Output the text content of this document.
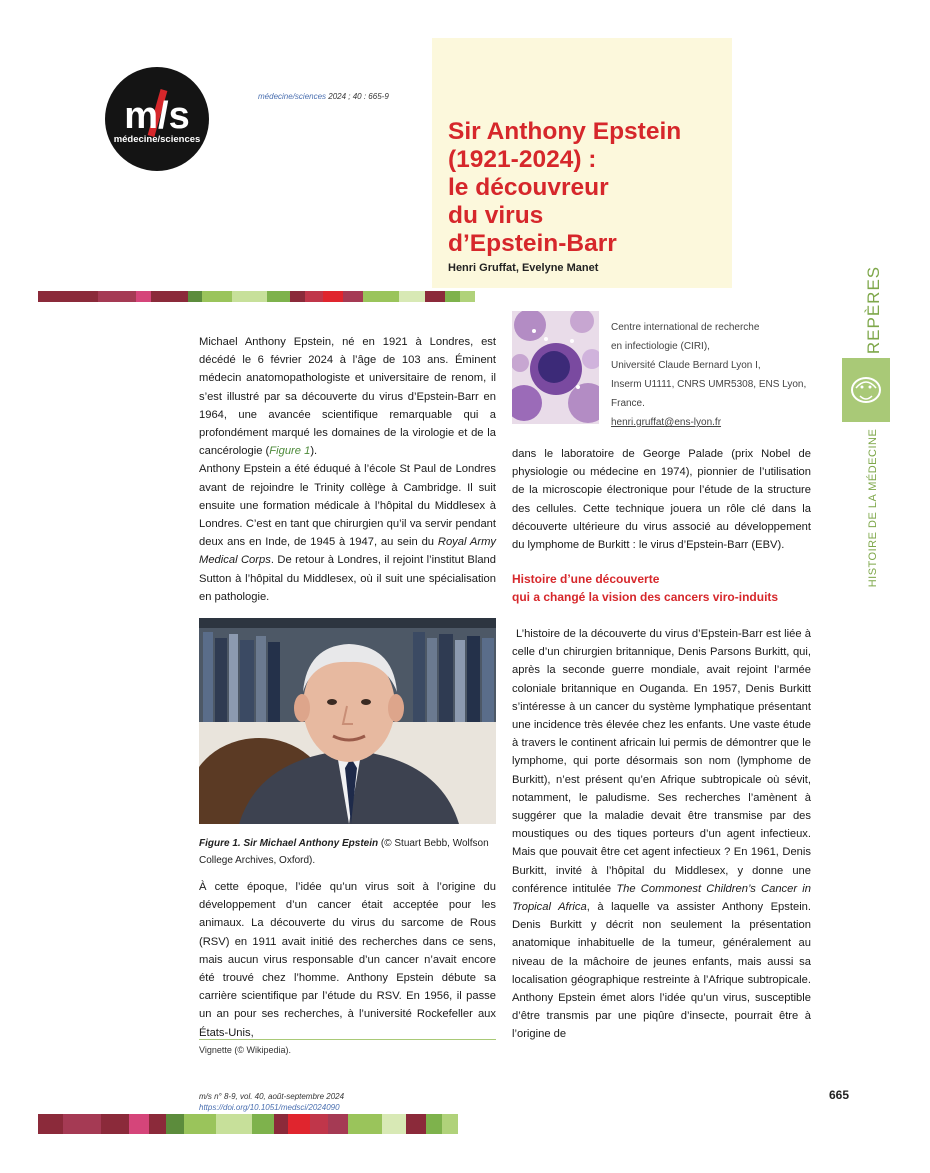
m/s
médecine/sciences
médecine/sciences 2024 ; 40 : 665-9
Sir Anthony Epstein
(1921-2024) :
le découvreur
du virus
d’Epstein-Barr
Henri Gruffat, Evelyne Manet	REPÈRES
HISTOIRE DE LA MÉDECINE
Centre international de recherche
en infectiologie (CIRI),
Université Claude Bernard Lyon I,
Inserm U1111, CNRS UMR5308, ENS Lyon,
France.
henri.gruffat@ens-lyon.fr

Michael Anthony Epstein, né en 1921 à Londres, est décédé le 6 février 2024 à l’âge de 103 ans. Éminent médecin anatomopathologiste et universitaire de renom, il s’est illustré par sa découverte du virus d’Epstein-Barr en 1964, une avancée scientifique remarquable qui a profondément marqué les domaines de la virologie et de la cancérologie (Figure 1).

Anthony Epstein a été éduqué à l’école St Paul de Londres avant de rejoindre le Trinity collège à Cambridge. Il suit ensuite une formation médicale à l’hôpital du Middlesex à Londres. C’est en tant que chirurgien qu’il va servir pendant deux ans en Inde, de 1945 à 1947, au sein du Royal Army Medical Corps. De retour à Londres, il rejoint l’institut Bland Sutton à l’hôpital du Middlesex, où il suit une spécialisation en pathologie.

Figure 1. Sir Michael Anthony Epstein (© Stuart Bebb, Wolfson College Archives, Oxford).

À cette époque, l’idée qu’un virus soit à l’origine du développement d’un cancer était acceptée pour les animaux. La découverte du virus du sarcome de Rous (RSV) en 1911 avait initié des recherches dans ce sens, mais aucun virus responsable d’un cancer n’avait encore été trouvé chez l’homme. Anthony Epstein débute sa carrière scientifique par l’étude du RSV. En 1956, il passe un an pour ses recherches, à l’université Rockefeller aux États-Unis,

dans le laboratoire de George Palade (prix Nobel de physiologie ou médecine en 1974), pionnier de l’utilisation de la microscopie électronique pour l’étude de la structure des cellules. Cette technique jouera un rôle clé dans la découverte ultérieure du virus associé au développement du lymphome de Burkitt : le virus d’Epstein-Barr (EBV).

Histoire d’une découverte
qui a changé la vision des cancers viro-induits

L’histoire de la découverte du virus d’Epstein-Barr est liée à celle d’un chirurgien britannique, Denis Parsons Burkitt, qui, après la seconde guerre mondiale, avait rejoint l’armée coloniale britannique en Ouganda. En 1957, Denis Burkitt s’intéresse à un cancer du système lymphatique présentant une incidence très élevée chez les enfants. Une vaste étude à travers le continent africain lui permis de démontrer que le lymphome, qui porte désormais son nom (lymphome de Burkitt), n’est présent qu’en Afrique subtropicale où sévit, notamment, le paludisme. Ses recherches l’amènent à suggérer que la maladie devait être transmise par des moustiques ou des tiques porteurs d’un agent infectieux. Mais que pouvait être cet agent infectieux ? En 1961, Denis Burkitt, invité à l’hôpital du Middlesex, y donne une conférence intitulée The Commonest Children’s Cancer in Tropical Africa, à laquelle va assister Anthony Epstein. Denis Burkitt y décrit non seulement la présentation anatomique inhabituelle de la tumeur, généralement au niveau de la mâchoire de jeunes enfants, mais aussi sa localisation géographique restreinte à l’Afrique subtropicale. Anthony Epstein émet alors l’idée qu’un virus, susceptible d’être transmis par une piqûre d’insecte, pourrait être à l’origine de

Vignette (© Wikipedia).
m/s n° 8-9, vol. 40, août-septembre 2024
https://doi.org/10.1051/medsci/2024090
665
